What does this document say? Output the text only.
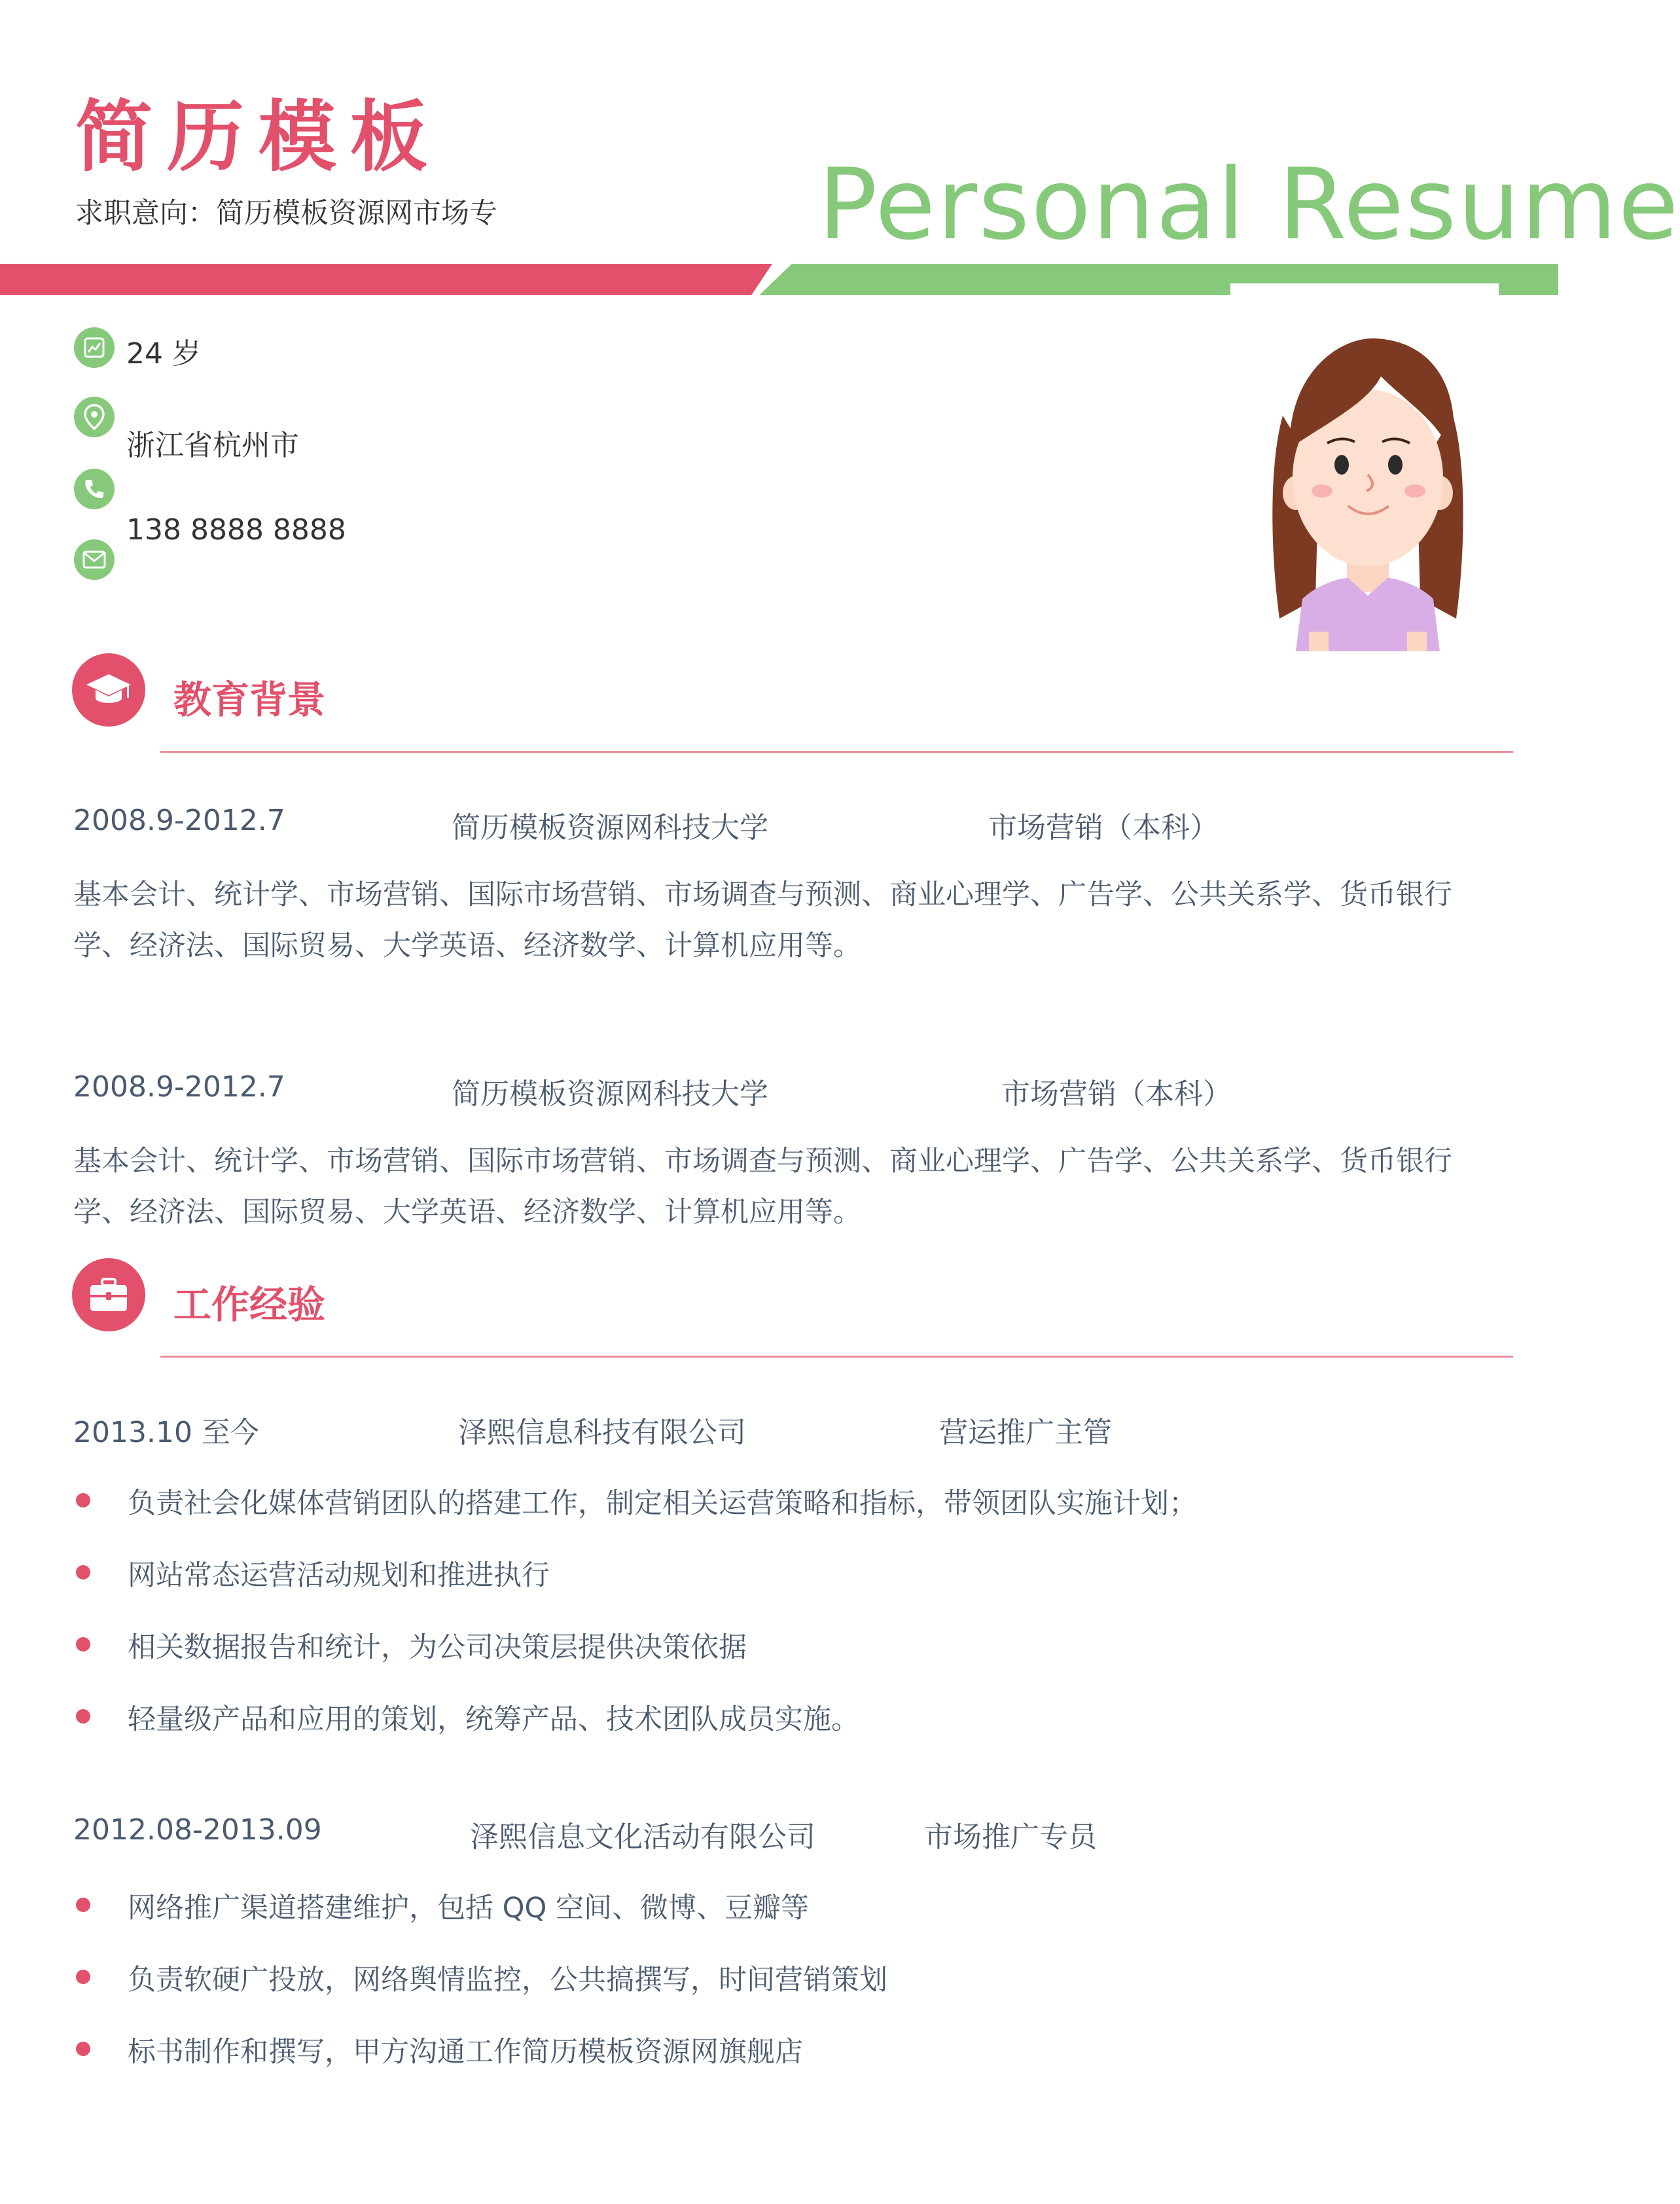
简历模板
求职意向：简历模板资源网市场专	Personal Resume
24 岁
浙江省杭州市
138 8888 8888
教育背景
2008.9-2012.7	简历模板资源网科技大学	市场营销（本科）
基本会计、统计学、市场营销、国际市场营销、市场调查与预测、商业心理学、广告学、公共关系学、货币银行学、经济法、国际贸易、大学英语、经济数学、计算机应用等。
2008.9-2012.7	简历模板资源网科技大学	市场营销（本科）
基本会计、统计学、市场营销、国际市场营销、市场调查与预测、商业心理学、广告学、公共关系学、货币银行学、经济法、国际贸易、大学英语、经济数学、计算机应用等。
工作经验
2013.10 至今	泽熙信息科技有限公司	营运推广主管
负责社会化媒体营销团队的搭建工作，制定相关运营策略和指标，带领团队实施计划；
网站常态运营活动规划和推进执行
相关数据报告和统计，为公司决策层提供决策依据
轻量级产品和应用的策划，统筹产品、技术团队成员实施。
2012.08-2013.09	泽熙信息文化活动有限公司	市场推广专员
网络推广渠道搭建维护，包括 QQ 空间、微博、豆瓣等
负责软硬广投放，网络舆情监控，公共搞撰写，时间营销策划
标书制作和撰写，甲方沟通工作简历模板资源网旗舰店
